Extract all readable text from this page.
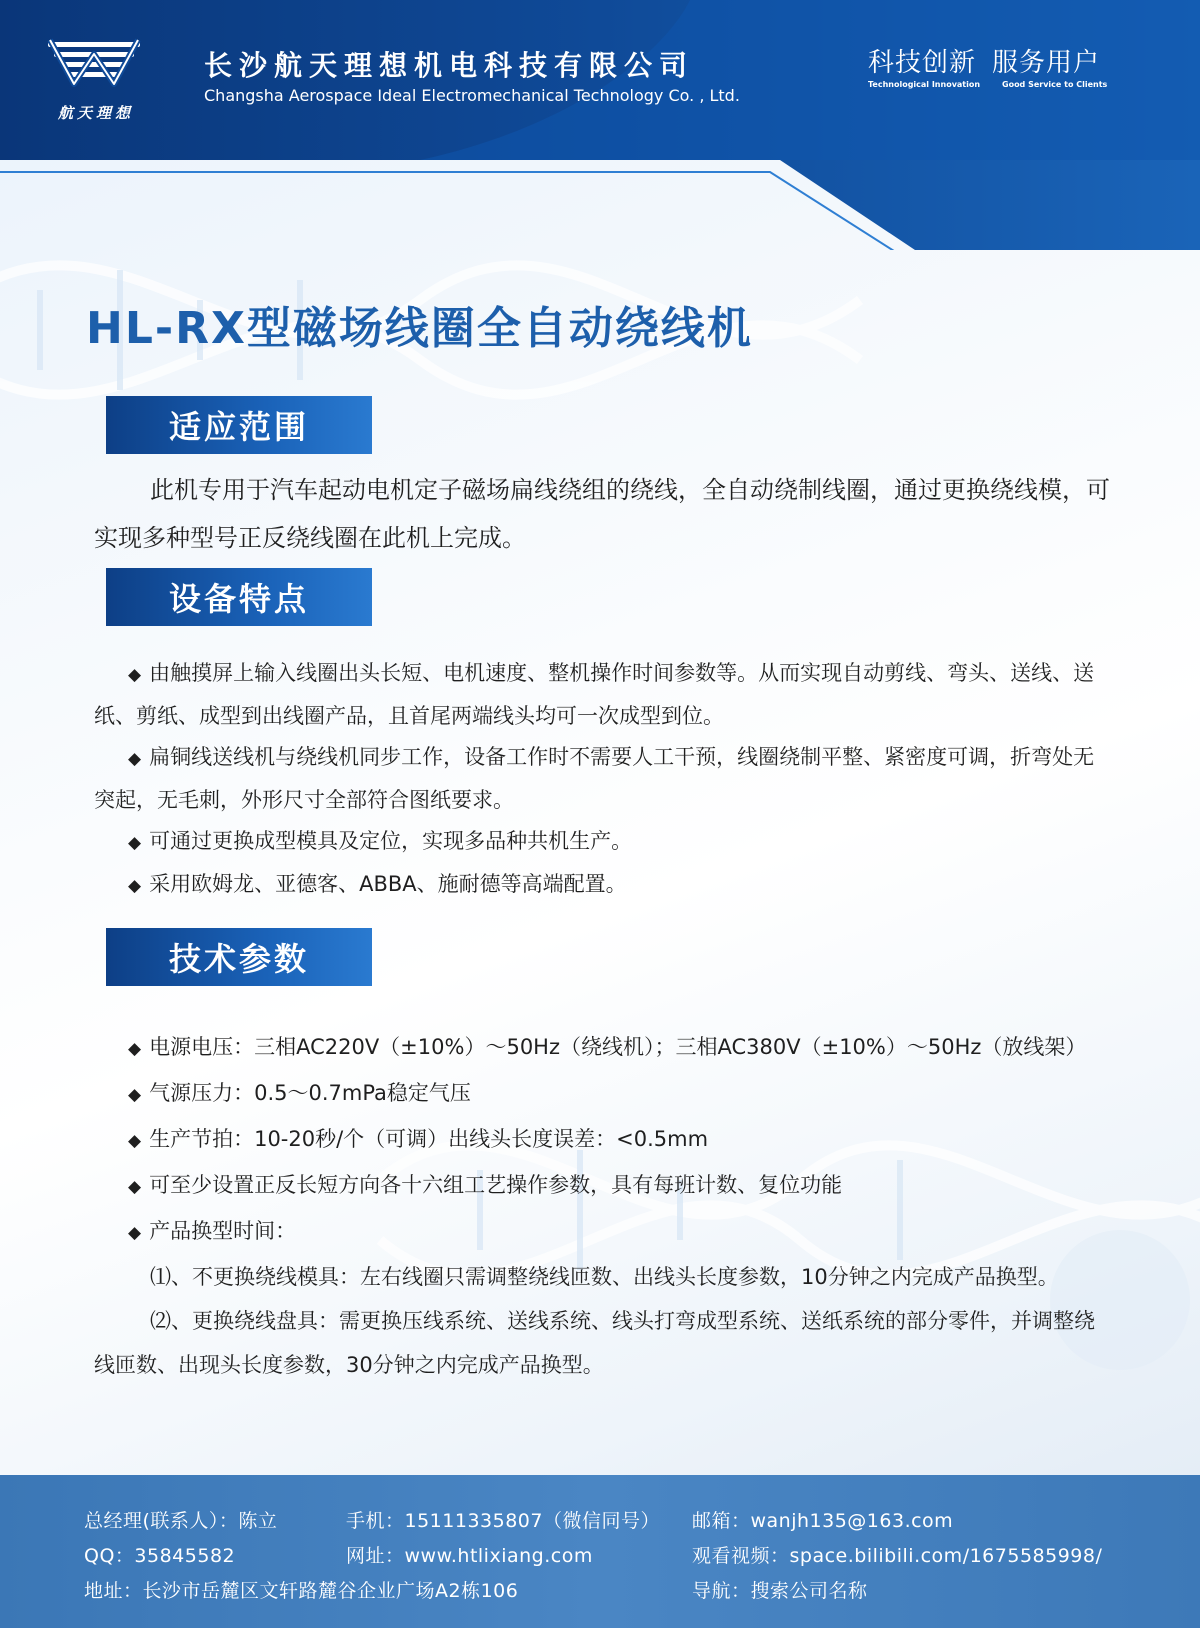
航天理想
长沙航天理想机电科技有限公司
Changsha Aerospace Ideal Electromechanical Technology Co. , Ltd.
科技创新 服务用户
Technological Innovation	Good Service to Clients
HL-RX型磁场线圈全自动绕线机
适应范围
此机专用于汽车起动电机定子磁场扁线绕组的绕线，全自动绕制线圈，通过更换绕线模，可实现多种型号正反绕线圈在此机上完成。
设备特点
◆ 由触摸屏上输入线圈出头长短、电机速度、整机操作时间参数等。从而实现自动剪线、弯头、送线、送纸、剪纸、成型到出线圈产品，且首尾两端线头均可一次成型到位。
◆ 扁铜线送线机与绕线机同步工作，设备工作时不需要人工干预，线圈绕制平整、紧密度可调，折弯处无突起，无毛刺，外形尺寸全部符合图纸要求。
◆ 可通过更换成型模具及定位，实现多品种共机生产。
◆ 采用欧姆龙、亚德客、ABBA、施耐德等高端配置。
技术参数
◆ 电源电压：三相AC220V（±10%）～50Hz（绕线机）；三相AC380V（±10%）～50Hz（放线架）
◆ 气源压力：0.5～0.7mPa稳定气压
◆ 生产节拍：10-20秒/个（可调）出线头长度误差：<0.5mm
◆ 可至少设置正反长短方向各十六组工艺操作参数，具有每班计数、复位功能
◆ 产品换型时间：
⑴、不更换绕线模具：左右线圈只需调整绕线匝数、出线头长度参数，10分钟之内完成产品换型。
⑵、更换绕线盘具：需更换压线系统、送线系统、线头打弯成型系统、送纸系统的部分零件，并调整绕线匝数、出现头长度参数，30分钟之内完成产品换型。
总经理(联系人）：陈立	手机：15111335807（微信同号） 邮箱：wanjh135@163.com
QQ：35845582	网址：www.htlixiang.com	观看视频：space.bilibili.com/1675585998/
地址：长沙市岳麓区文轩路麓谷企业广场A2栋106	导航：搜索公司名称
